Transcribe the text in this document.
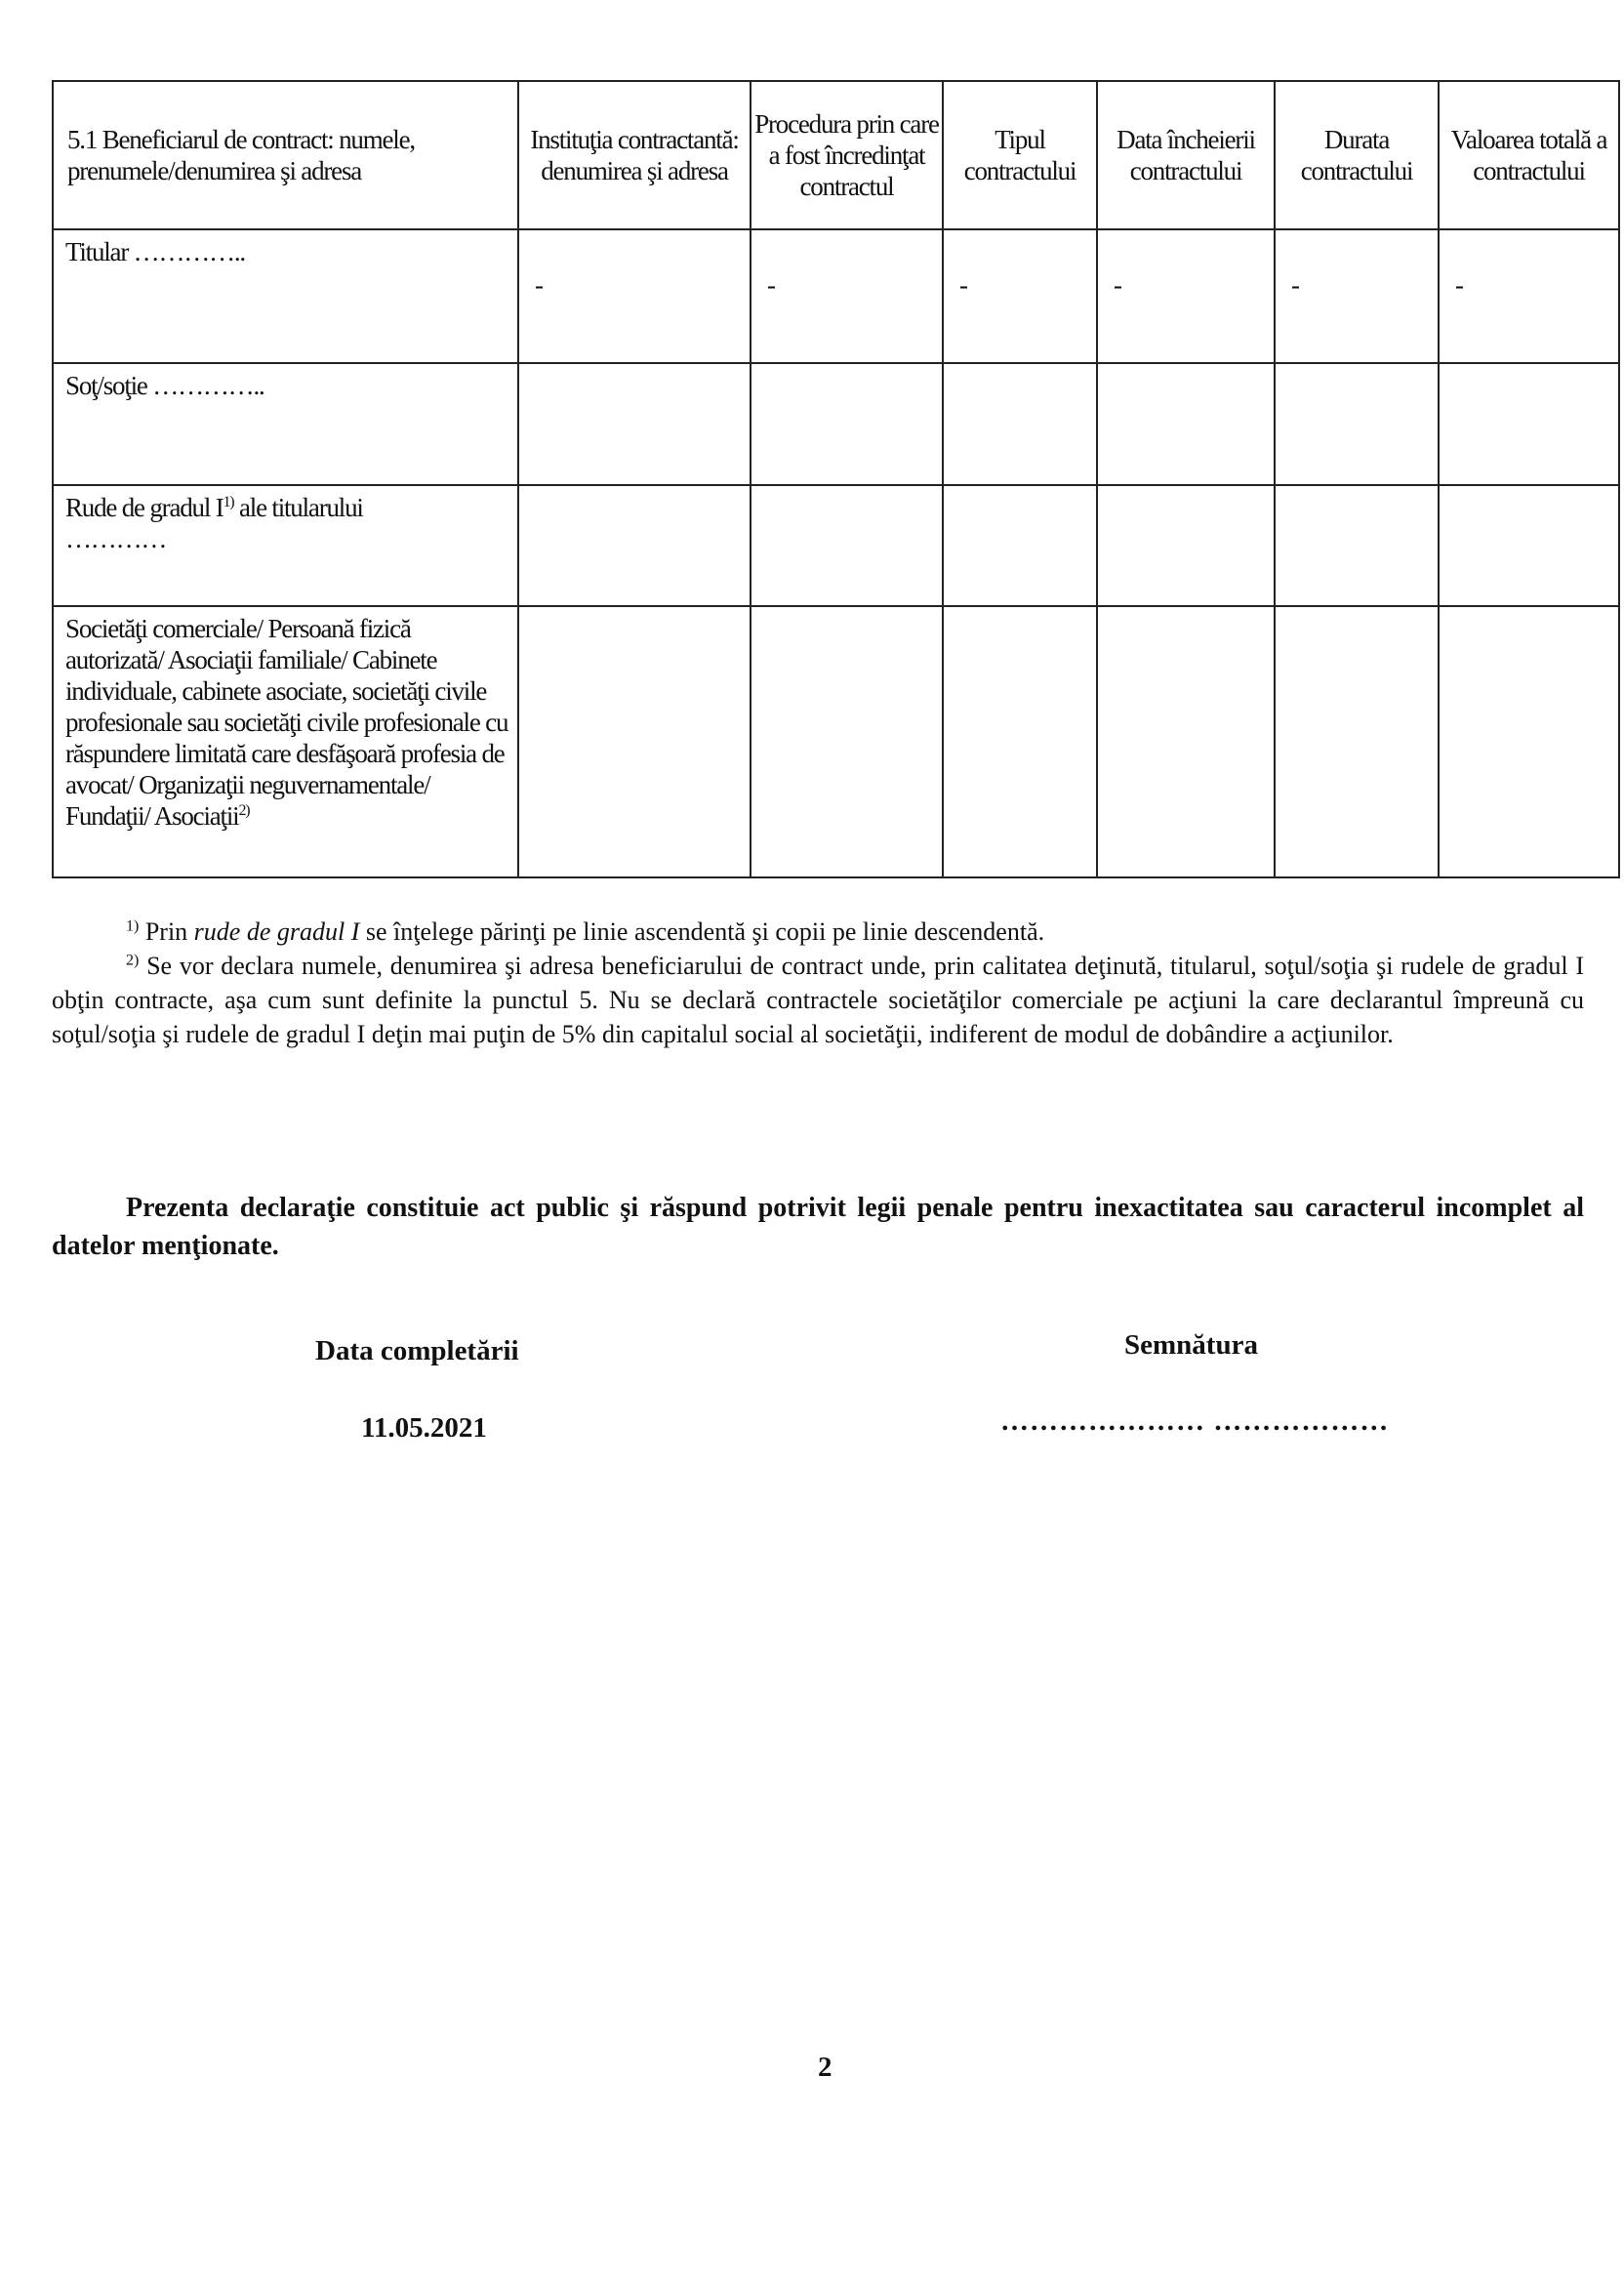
5.1 Beneficiarul de contract: numele, prenumele/denumirea şi adresa	Instituţia contractantă: denumirea şi adresa	Procedura prin care a fost încredinţat contractul	Tipul contractului	Data încheierii contractului	Durata contractului	Valoarea totală a contractului

Titular …………..	-	-	-	-	-	-

Soţ/soţie …………..						

Rude de gradul $I^{1)}$ ale titularului
…………						

Societăţi comerciale/ Persoană fizică autorizată/ Asociaţii familiale/ Cabinete individuale, cabinete asociate, societăţi civile profesionale sau societăţi civile profesionale cu răspundere limitată care desfăşoară profesia de avocat/ Organizaţii neguvernamentale/ Fundaţii/ Asociaţii$^{2)}$

$^{1)}$ Prin rude de gradul I se înţelege părinţi pe linie ascendentă şi copii pe linie descendentă.

$^{2)}$ Se vor declara numele, denumirea şi adresa beneficiarului de contract unde, prin calitatea deţinută, titularul, soţul/soţia şi rudele de gradul I obţin contracte, aşa cum sunt definite la punctul 5. Nu se declară contractele societăţilor comerciale pe acţiuni la care declarantul împreună cu soţul/soţia şi rudele de gradul I deţin mai puţin de 5% din capitalul social al societăţii, indiferent de modul de dobândire a acţiunilor.

Prezenta declaraţie constituie act public şi răspund potrivit legii penale pentru inexactitatea sau caracterul incomplet al datelor menţionate.
Data completării
11.05.2021
Semnătura
………………… ………………
2
